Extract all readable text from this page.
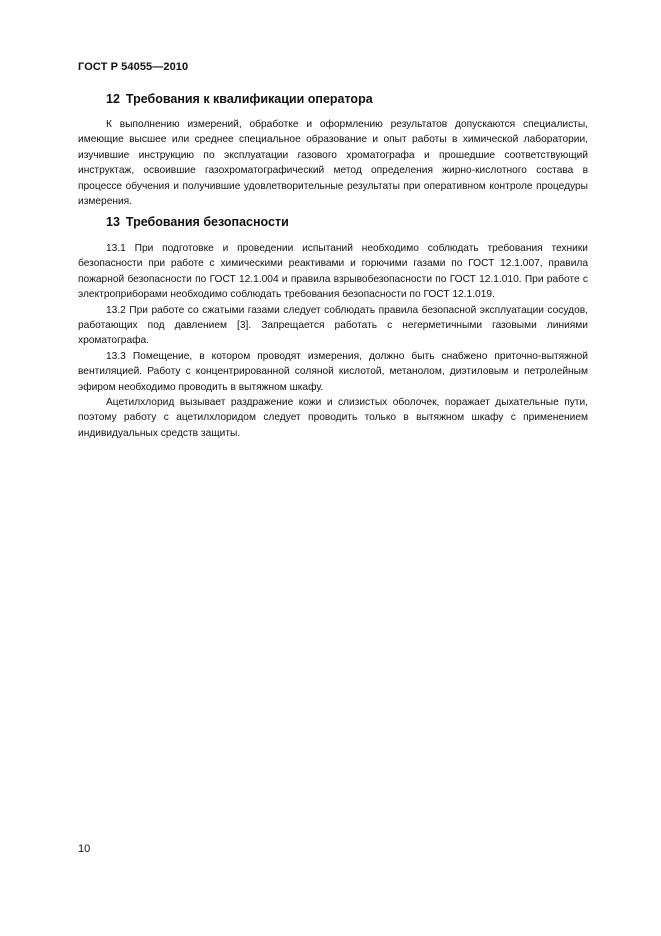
ГОСТ Р 54055—2010
12 Требования к квалификации оператора

К выполнению измерений, обработке и оформлению результатов допускаются специалисты, имеющие высшее или среднее специальное образование и опыт работы в химической лаборатории, изучившие инструкцию по эксплуатации газового хроматографа и прошедшие соответствующий инструктаж, освоившие газохроматографический метод определения жирно-кислотного состава в процессе обучения и получившие удовлетворительные результаты при оперативном контроле процедуры измерения.

13 Требования безопасности

13.1 При подготовке и проведении испытаний необходимо соблюдать требования техники безопасности при работе с химическими реактивами и горючими газами по ГОСТ 12.1.007, правила пожарной безопасности по ГОСТ 12.1.004 и правила взрывобезопасности по ГОСТ 12.1.010. При работе с электроприборами необходимо соблюдать требования безопасности по ГОСТ 12.1.019.

13.2 При работе со сжатыми газами следует соблюдать правила безопасной эксплуатации сосудов, работающих под давлением [3]. Запрещается работать с негерметичными газовыми линиями хроматографа.

13.3 Помещение, в котором проводят измерения, должно быть снабжено приточно-вытяжной вентиляцией. Работу с концентрированной соляной кислотой, метанолом, диэтиловым и петролейным эфиром необходимо проводить в вытяжном шкафу.

Ацетилхлорид вызывает раздражение кожи и слизистых оболочек, поражает дыхательные пути, поэтому работу с ацетилхлоридом следует проводить только в вытяжном шкафу с применением индивидуальных средств защиты.

10
